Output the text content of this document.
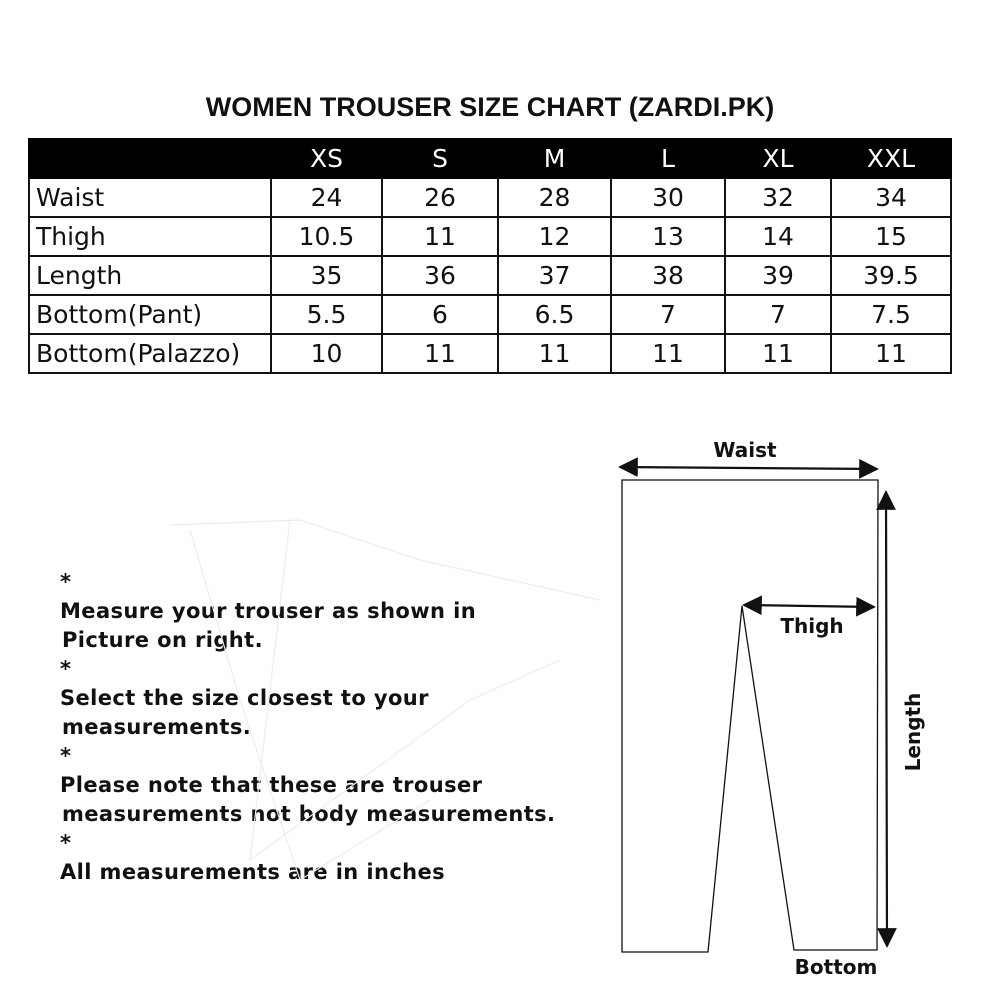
WOMEN TROUSER SIZE CHART (ZARDI.PK)
	XS	S	M	L	XL	XXL
Waist	24	26	28	30	32	34
Thigh	10.5	11	12	13	14	15
Length	35	36	37	38	39	39.5
Bottom(Pant)	5.5	6	6.5	7	7	7.5
Bottom(Palazzo)	10	11	11	11	11	11
* Measure your trouser as shown in
Picture on right.
* Select the size closest to your
measurements.
* Please note that these are trouser
measurements not body measurements.
* All measurements are in inches
Waist
Thigh
Length
Bottom
